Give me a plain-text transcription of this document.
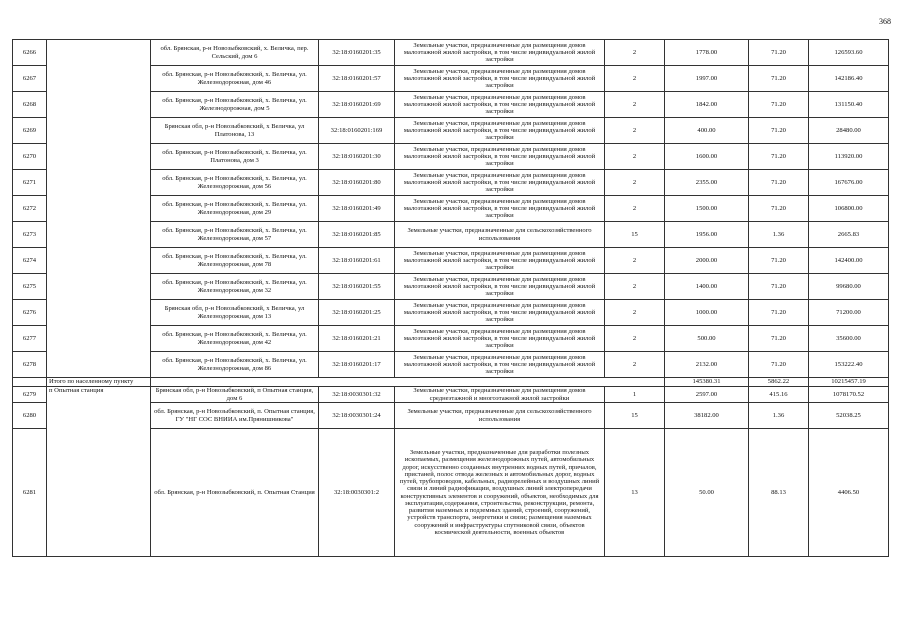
368
6266		обл. Брянская, р-н Новозыбковский, х. Величка, пер. Сельский, дом 6	32:18:0160201:35	Земельные участки, предназначенные для размещения домов малоэтажной жилой застройки, в том числе индивидуальной жилой застройки	2	1778.00	71.20	126593.60
6267		обл. Брянская, р-н Новозыбковский, х. Величка, ул. Железнодорожная, дом 46	32:18:0160201:57	Земельные участки, предназначенные для размещения домов малоэтажной жилой застройки, в том числе индивидуальной жилой застройки	2	1997.00	71.20	142186.40
6268		обл. Брянская, р-н Новозыбковский, х. Величка, ул. Железнодорожная, дом 5	32:18:0160201:69	Земельные участки, предназначенные для размещения домов малоэтажной жилой застройки, в том числе индивидуальной жилой застройки	2	1842.00	71.20	131150.40
6269		Брянская обл, р-н Новозыбковский, х Величка, ул Платонова, 13	32:18:0160201:169	Земельные участки, предназначенные для размещения домов малоэтажной жилой застройки, в том числе индивидуальной жилой застройки	2	400.00	71.20	28480.00
6270		обл. Брянская, р-н Новозыбковский, х. Величка, ул. Платонова, дом 3	32:18:0160201:30	Земельные участки, предназначенные для размещения домов малоэтажной жилой застройки, в том числе индивидуальной жилой застройки	2	1600.00	71.20	113920.00
6271		обл. Брянская, р-н Новозыбковский, х. Величка, ул. Железнодорожная, дом 56	32:18:0160201:80	Земельные участки, предназначенные для размещения домов малоэтажной жилой застройки, в том числе индивидуальной жилой застройки	2	2355.00	71.20	167676.00
6272		обл. Брянская, р-н Новозыбковский, х. Величка, ул. Железнодорожная, дом 29	32:18:0160201:49	Земельные участки, предназначенные для размещения домов малоэтажной жилой застройки, в том числе индивидуальной жилой застройки	2	1500.00	71.20	106800.00
6273		обл. Брянская, р-н Новозыбковский, х. Величка, ул. Железнодорожная, дом 57	32:18:0160201:85	Земельные участки, предназначенные для сельскохозяйственного использования	15	1956.00	1.36	2665.83
6274		обл. Брянская, р-н Новозыбковский, х. Величка, ул. Железнодорожная, дом 78	32:18:0160201:61	Земельные участки, предназначенные для размещения домов малоэтажной жилой застройки, в том числе индивидуальной жилой застройки	2	2000.00	71.20	142400.00
6275		обл. Брянская, р-н Новозыбковский, х. Величка, ул. Железнодорожная, дом 32	32:18:0160201:55	Земельные участки, предназначенные для размещения домов малоэтажной жилой застройки, в том числе индивидуальной жилой застройки	2	1400.00	71.20	99680.00
6276		Брянская обл, р-н Новозыбковский, х Величка, ул Железнодорожная, дом 13	32:18:0160201:25	Земельные участки, предназначенные для размещения домов малоэтажной жилой застройки, в том числе индивидуальной жилой застройки	2	1000.00	71.20	71200.00
6277		обл. Брянская, р-н Новозыбковский, х. Величка, ул. Железнодорожная, дом 42	32:18:0160201:21	Земельные участки, предназначенные для размещения домов малоэтажной жилой застройки, в том числе индивидуальной жилой застройки	2	500.00	71.20	35600.00
6278		обл. Брянская, р-н Новозыбковский, х. Величка, ул. Железнодорожная, дом 86	32:18:0160201:17	Земельные участки, предназначенные для размещения домов малоэтажной жилой застройки, в том числе индивидуальной жилой застройки	2	2132.00	71.20	153222.40
	Итого по населенному пункту					145380.31	5862.22	10215457.19
6279	п Опытная станция	Брянская обл, р-н Новозыбковский, п Опытная станция, дом 6	32:18:0030301:32	Земельные участки, предназначенные для размещения домов среднеэтажной и многоэтажной жилой застройки	1	2597.00	415.16	1078170.52
6280		обл. Брянская, р-н Новозыбковский, п. Опытная станция, ГУ "НГ СОС ВНИИА им.Прянишникова"	32:18:0030301:24	Земельные участки, предназначенные для сельскохозяйственного использования	15	38182.00	1.36	52038.25
6281		обл. Брянская, р-н Новозыбковский, п. Опытная Станция	32:18:0030301:2	Земельные участки, предназначенные для разработки полезных ископаемых, размещения железнодорожных путей, автомобильных дорог, искусственно созданных внутренних водных путей, причалов, пристаней, полос отвода железных и автомобильных дорог, водных путей, трубопроводов, кабельных, радиорелейных и воздушных линий связи и линий радиофикации, воздушных линий электропередачи конструктивных элементов и сооружений, объектов, необходимых для эксплуатации,содержания, строительства, реконструкции, ремонта, развития наземных и подземных зданий, строений, сооружений, устройств транспорта, энергетики и связи; размещения наземных сооружений и инфраструктуры спутниковой связи, объектов космической деятельности, военных объектов	13	50.00	88.13	4406.50
